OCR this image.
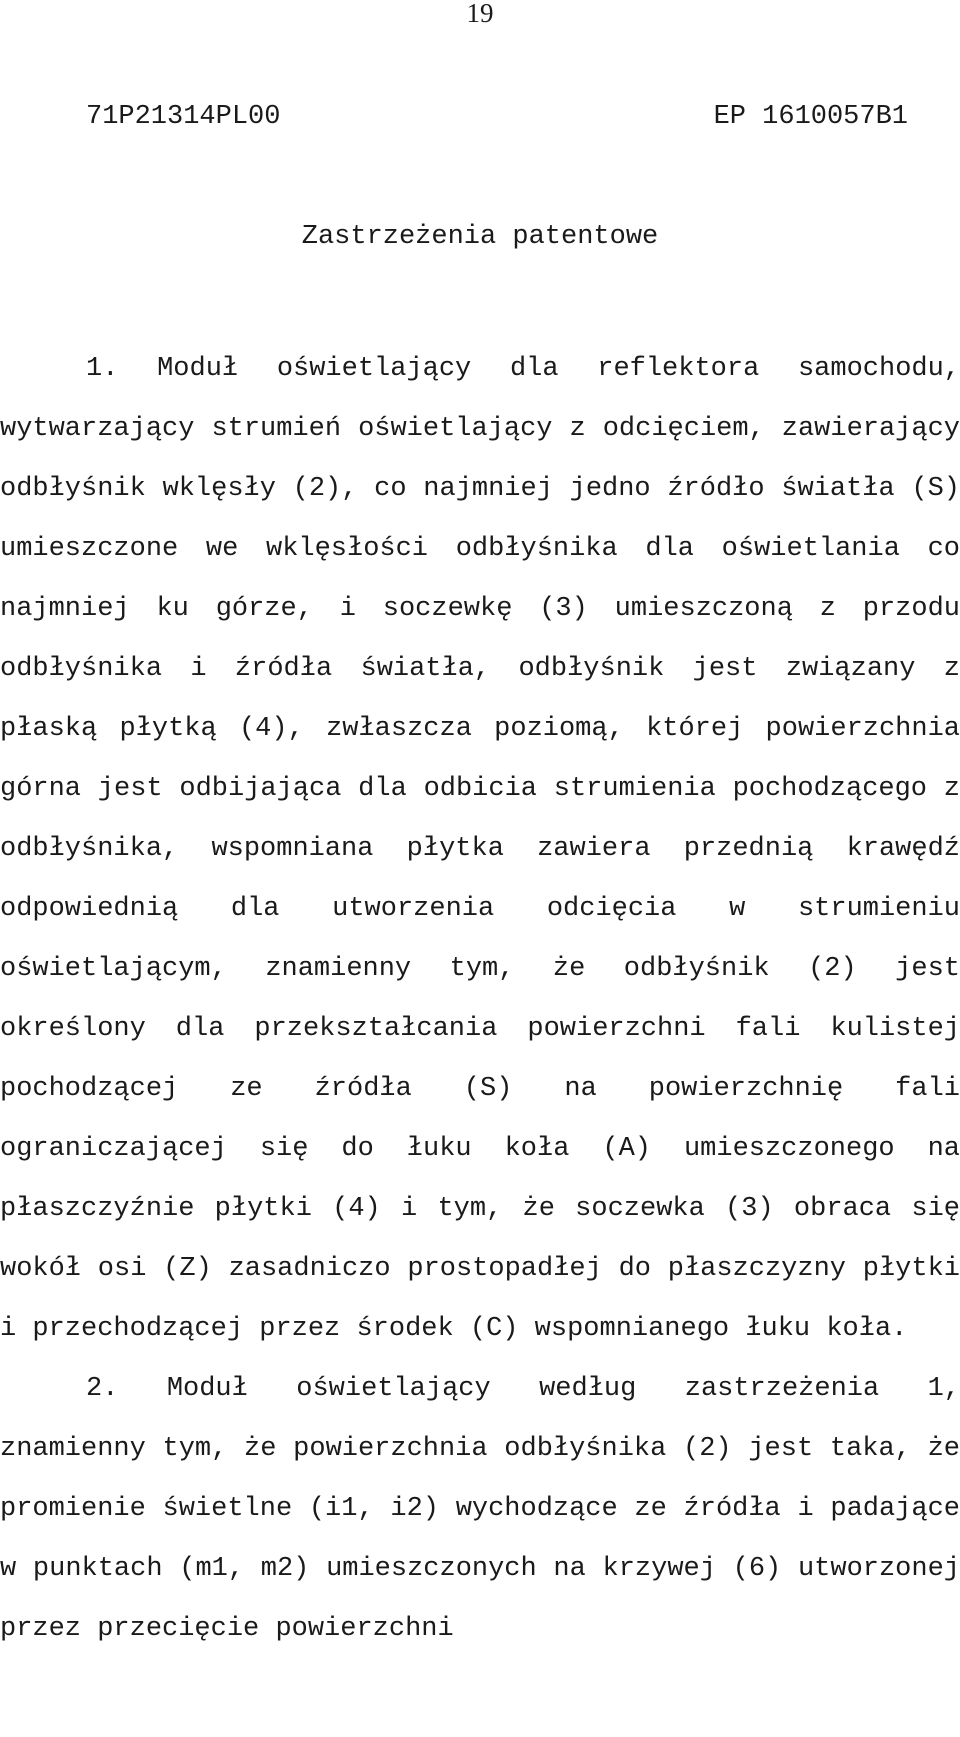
19
71P21314PL00	EP 1610057B1
Zastrzeżenia patentowe

1. Moduł oświetlający dla reflektora samochodu, wytwarzający strumień oświetlający z odcięciem, zawierający odbłyśnik wklęsły (2), co najmniej jedno źródło światła (S) umieszczone we wklęsłości odbłyśnika dla oświetlania co najmniej ku górze, i soczewkę (3) umieszczoną z przodu odbłyśnika i źródła światła, odbłyśnik jest związany z płaską płytką (4), zwłaszcza poziomą, której powierzchnia górna jest odbijająca dla odbicia strumienia pochodzącego z odbłyśnika, wspomniana płytka zawiera przednią krawędź odpowiednią dla utworzenia odcięcia w strumieniu oświetlającym, znamienny tym, że odbłyśnik (2) jest określony dla przekształcania powierzchni fali kulistej pochodzącej ze źródła (S) na powierzchnię fali ograniczającej się do łuku koła (A) umieszczonego na płaszczyźnie płytki (4) i tym, że soczewka (3) obraca się wokół osi (Z) zasadniczo prostopadłej do płaszczyzny płytki i przechodzącej przez środek (C) wspomnianego łuku koła.

2. Moduł oświetlający według zastrzeżenia 1, znamienny tym, że powierzchnia odbłyśnika (2) jest taka, że promienie świetlne (i1, i2) wychodzące ze źródła i padające w punktach (m1, m2) umieszczonych na krzywej (6) utworzonej przez przecięcie powierzchni
